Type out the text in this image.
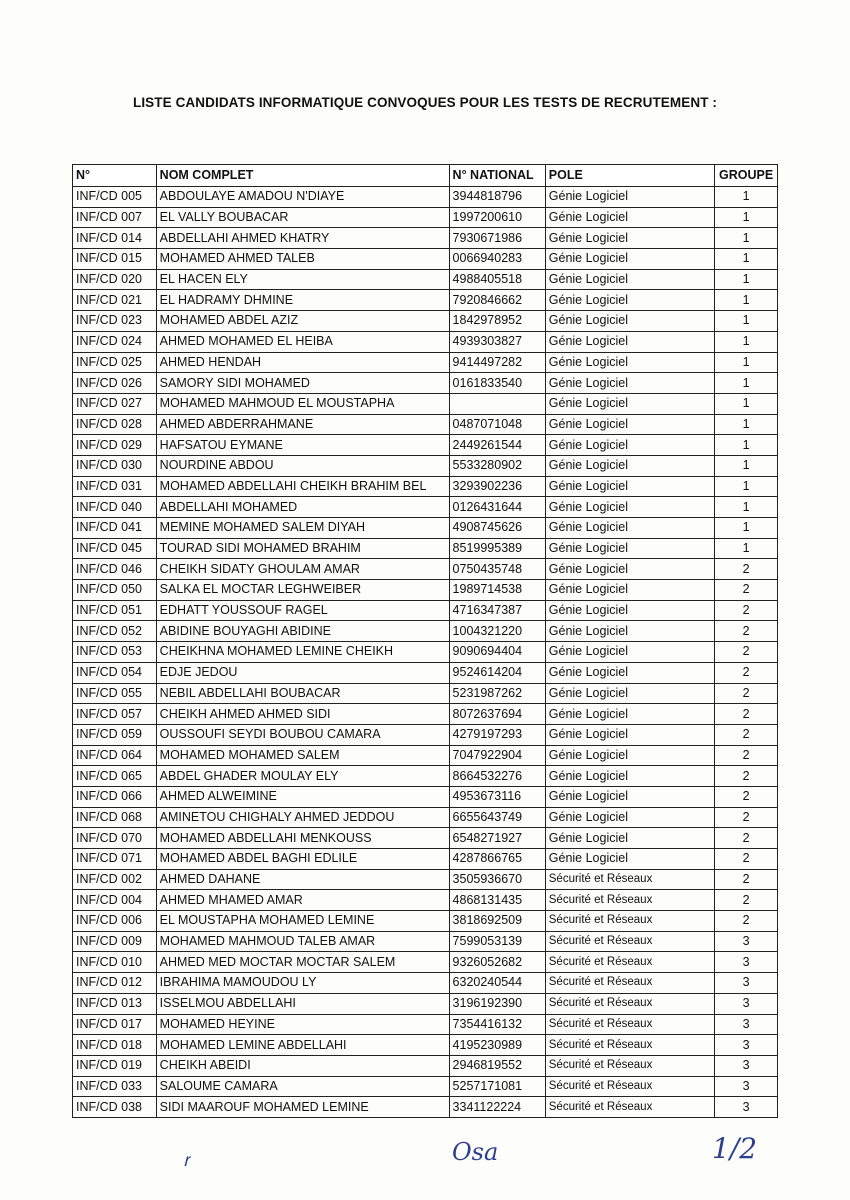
LISTE CANDIDATS INFORMATIQUE CONVOQUES POUR LES TESTS DE RECRUTEMENT :
N°	NOM COMPLET	N° NATIONAL	POLE	GROUPE
INF/CD 005	ABDOULAYE AMADOU N'DIAYE	3944818796	Génie Logiciel	1
INF/CD 007	EL VALLY BOUBACAR	1997200610	Génie Logiciel	1
INF/CD 014	ABDELLAHI AHMED KHATRY	7930671986	Génie Logiciel	1
INF/CD 015	MOHAMED AHMED TALEB	0066940283	Génie Logiciel	1
INF/CD 020	EL HACEN ELY	4988405518	Génie Logiciel	1
INF/CD 021	EL HADRAMY DHMINE	7920846662	Génie Logiciel	1
INF/CD 023	MOHAMED ABDEL AZIZ	1842978952	Génie Logiciel	1
INF/CD 024	AHMED MOHAMED EL HEIBA	4939303827	Génie Logiciel	1
INF/CD 025	AHMED HENDAH	9414497282	Génie Logiciel	1
INF/CD 026	SAMORY SIDI MOHAMED	0161833540	Génie Logiciel	1
INF/CD 027	MOHAMED MAHMOUD EL MOUSTAPHA		Génie Logiciel	1
INF/CD 028	AHMED ABDERRAHMANE	0487071048	Génie Logiciel	1
INF/CD 029	HAFSATOU EYMANE	2449261544	Génie Logiciel	1
INF/CD 030	NOURDINE ABDOU	5533280902	Génie Logiciel	1
INF/CD 031	MOHAMED ABDELLAHI CHEIKH BRAHIM BEL	3293902236	Génie Logiciel	1
INF/CD 040	ABDELLAHI MOHAMED	0126431644	Génie Logiciel	1
INF/CD 041	MEMINE MOHAMED SALEM DIYAH	4908745626	Génie Logiciel	1
INF/CD 045	TOURAD SIDI MOHAMED BRAHIM	8519995389	Génie Logiciel	1
INF/CD 046	CHEIKH SIDATY GHOULAM AMAR	0750435748	Génie Logiciel	2
INF/CD 050	SALKA EL MOCTAR LEGHWEIBER	1989714538	Génie Logiciel	2
INF/CD 051	EDHATT YOUSSOUF RAGEL	4716347387	Génie Logiciel	2
INF/CD 052	ABIDINE BOUYAGHI ABIDINE	1004321220	Génie Logiciel	2
INF/CD 053	CHEIKHNA MOHAMED LEMINE CHEIKH	9090694404	Génie Logiciel	2
INF/CD 054	EDJE JEDOU	9524614204	Génie Logiciel	2
INF/CD 055	NEBIL ABDELLAHI BOUBACAR	5231987262	Génie Logiciel	2
INF/CD 057	CHEIKH AHMED AHMED SIDI	8072637694	Génie Logiciel	2
INF/CD 059	OUSSOUFI SEYDI BOUBOU CAMARA	4279197293	Génie Logiciel	2
INF/CD 064	MOHAMED MOHAMED SALEM	7047922904	Génie Logiciel	2
INF/CD 065	ABDEL GHADER MOULAY ELY	8664532276	Génie Logiciel	2
INF/CD 066	AHMED ALWEIMINE	4953673116	Génie Logiciel	2
INF/CD 068	AMINETOU CHIGHALY AHMED JEDDOU	6655643749	Génie Logiciel	2
INF/CD 070	MOHAMED ABDELLAHI MENKOUSS	6548271927	Génie Logiciel	2
INF/CD 071	MOHAMED ABDEL BAGHI EDLILE	4287866765	Génie Logiciel	2
INF/CD 002	AHMED DAHANE	3505936670	Sécurité et Réseaux	2
INF/CD 004	AHMED MHAMED AMAR	4868131435	Sécurité et Réseaux	2
INF/CD 006	EL MOUSTAPHA MOHAMED LEMINE	3818692509	Sécurité et Réseaux	2
INF/CD 009	MOHAMED MAHMOUD TALEB AMAR	7599053139	Sécurité et Réseaux	3
INF/CD 010	AHMED MED MOCTAR MOCTAR SALEM	9326052682	Sécurité et Réseaux	3
INF/CD 012	IBRAHIMA MAMOUDOU LY	6320240544	Sécurité et Réseaux	3
INF/CD 013	ISSELMOU ABDELLAHI	3196192390	Sécurité et Réseaux	3
INF/CD 017	MOHAMED HEYINE	7354416132	Sécurité et Réseaux	3
INF/CD 018	MOHAMED LEMINE ABDELLAHI	4195230989	Sécurité et Réseaux	3
INF/CD 019	CHEIKH ABEIDI	2946819552	Sécurité et Réseaux	3
INF/CD 033	SALOUME CAMARA	5257171081	Sécurité et Réseaux	3
INF/CD 038	SIDI MAAROUF MOHAMED LEMINE	3341122224	Sécurité et Réseaux	3
ꭇ	Osa	1/2
